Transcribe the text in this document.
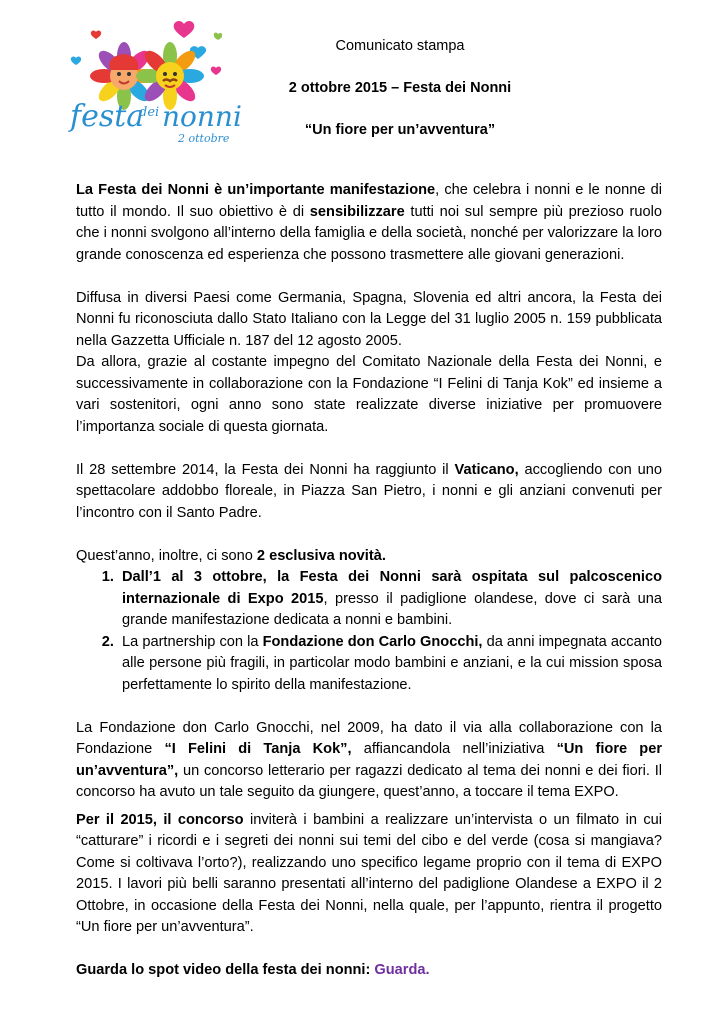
festa
dei nonni
2 ottobre
Comunicato stampa
2 ottobre 2015 – Festa dei Nonni
“Un fiore per un’avventura”

La Festa dei Nonni è un’importante manifestazione, che celebra i nonni e le nonne di tutto il mondo. Il suo obiettivo è di sensibilizzare tutti noi sul sempre più prezioso ruolo che i nonni svolgono all’interno della famiglia e della società, nonché per valorizzare la loro grande conoscenza ed esperienza che possono trasmettere alle giovani generazioni.

Diffusa in diversi Paesi come Germania, Spagna, Slovenia ed altri ancora, la Festa dei Nonni fu riconosciuta dallo Stato Italiano con la Legge del 31 luglio 2005 n. 159 pubblicata nella Gazzetta Ufficiale n. 187 del 12 agosto 2005.

Da allora, grazie al costante impegno del Comitato Nazionale della Festa dei Nonni, e successivamente in collaborazione con la Fondazione “I Felini di Tanja Kok” ed insieme a vari sostenitori, ogni anno sono state realizzate diverse iniziative per promuovere l’importanza sociale di questa giornata.

Il 28 settembre 2014, la Festa dei Nonni ha raggiunto il Vaticano, accogliendo con uno spettacolare addobbo floreale, in Piazza San Pietro, i nonni e gli anziani convenuti per l’incontro con il Santo Padre.

Quest’anno, inoltre, ci sono 2 esclusiva novità.

1. Dall’1 al 3 ottobre, la Festa dei Nonni sarà ospitata sul palcoscenico internazionale di Expo 2015, presso il padiglione olandese, dove ci sarà una grande manifestazione dedicata a nonni e bambini.
2. La partnership con la Fondazione don Carlo Gnocchi, da anni impegnata accanto alle persone più fragili, in particolar modo bambini e anziani, e la cui mission sposa perfettamente lo spirito della manifestazione.

La Fondazione don Carlo Gnocchi, nel 2009, ha dato il via alla collaborazione con la Fondazione “I Felini di Tanja Kok”, affiancandola nell’iniziativa “Un fiore per un’avventura”, un concorso letterario per ragazzi dedicato al tema dei nonni e dei fiori. Il concorso ha avuto un tale seguito da giungere, quest’anno, a toccare il tema EXPO.

Per il 2015, il concorso inviterà i bambini a realizzare un’intervista o un filmato in cui “catturare” i ricordi e i segreti dei nonni sui temi del cibo e del verde (cosa si mangiava? Come si coltivava l’orto?), realizzando uno specifico legame proprio con il tema di EXPO 2015. I lavori più belli saranno presentati all’interno del padiglione Olandese a EXPO il 2 Ottobre, in occasione della Festa dei Nonni, nella quale, per l’appunto, rientra il progetto “Un fiore per un’avventura”.

Guarda lo spot video della festa dei nonni: Guarda.
